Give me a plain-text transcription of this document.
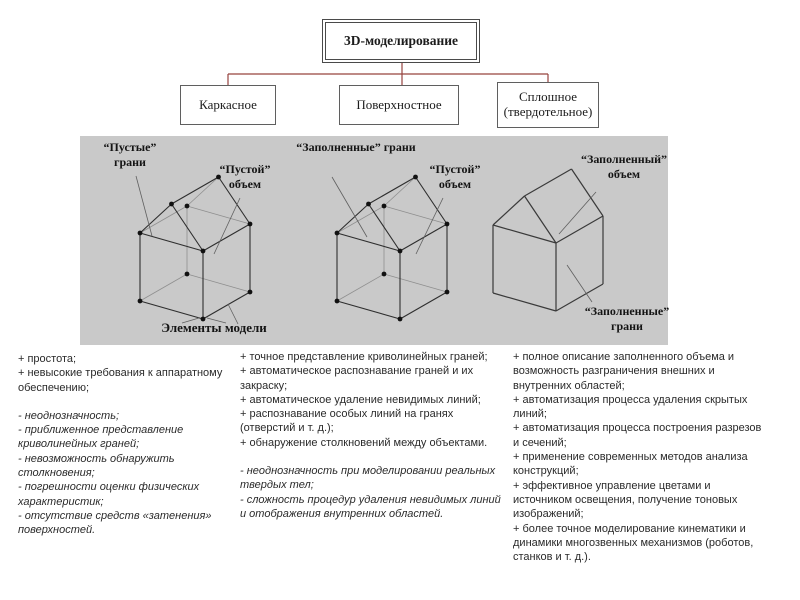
3D-моделирование
Каркасное	Поверхностное	Сплошное (твердотельное)
“Пустые” грани	“Пустой” объем
“Заполненные” грани
“Пустой” объем
“Заполненный” объем
“Заполненные” грани
Элементы модели
+ простота;
+ невысокие требования к аппаратному обеспечению;
- неоднозначность;
- приближенное представление криволинейных граней;
- невозможность обнаружить столкновения;
- погрешности оценки физических характеристик;
- отсутствие средств «затенения» поверхностей.
+ точное представление криволинейных граней;
+ автоматическое распознавание граней и их закраску;
+ автоматическое удаление невидимых линий;
+ распознавание особых линий на гранях (отверстий и т. д.);
+ обнаружение столкновений между объектами.
- неоднозначность при моделировании реальных твердых тел;
- сложность процедур удаления невидимых линий и отображения внутренних областей.
+ полное описание заполненного объема и возможность разграничения внешних и внутренних областей;
+ автоматизация процесса удаления скрытых линий;
+ автоматизация процесса построения разрезов и сечений;
+ применение современных методов анализа конструкций;
+ эффективное управление цветами и источником освещения, получение тоновых изображений;
+ более точное моделирование кинематики и динамики многозвенных механизмов (роботов, станков и т. д.).
